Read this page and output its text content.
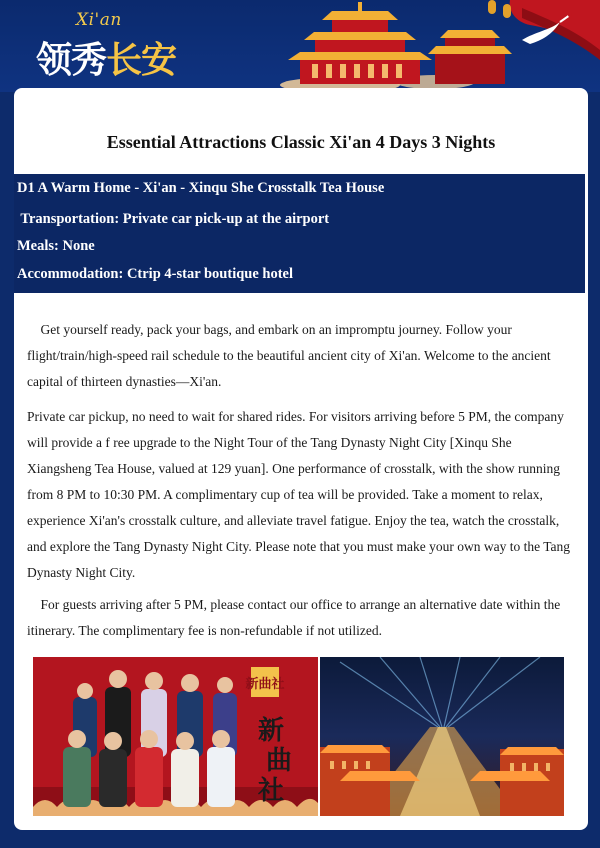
Xi'an
领秀长安
Essential Attractions Classic Xi'an 4 Days 3 Nights
D1 A Warm Home - Xi'an - Xinqu She Crosstalk Tea House
Transportation: Private car pick-up at the airport
Meals: None
Accommodation: Ctrip 4-star boutique hotel
Get yourself ready, pack your bags, and embark on an impromptu journey. Follow your
flight/train/high-speed rail schedule to the beautiful ancient city of Xi'an. Welcome to the ancient
capital of thirteen dynasties—Xi'an.
Private car pickup, no need to wait for shared rides. For visitors arriving before 5 PM, the company
will provide a f ree upgrade to the Night Tour of the Tang Dynasty Night City [Xinqu She
Xiangsheng Tea House, valued at 129 yuan]. One performance of crosstalk, with the show running
from 8 PM to 10:30 PM. A complimentary cup of tea will be provided. Take a moment to relax,
experience Xi'an's crosstalk culture, and alleviate travel fatigue. Enjoy the tea, watch the crosstalk,
and explore the Tang Dynasty Night City. Please note that you must make your own way to the Tang
Dynasty Night City.
For guests arriving after 5 PM, please contact our office to arrange an alternative date within the
itinerary. The complimentary fee is non-refundable if not utilized.
新曲社
新
曲
社
